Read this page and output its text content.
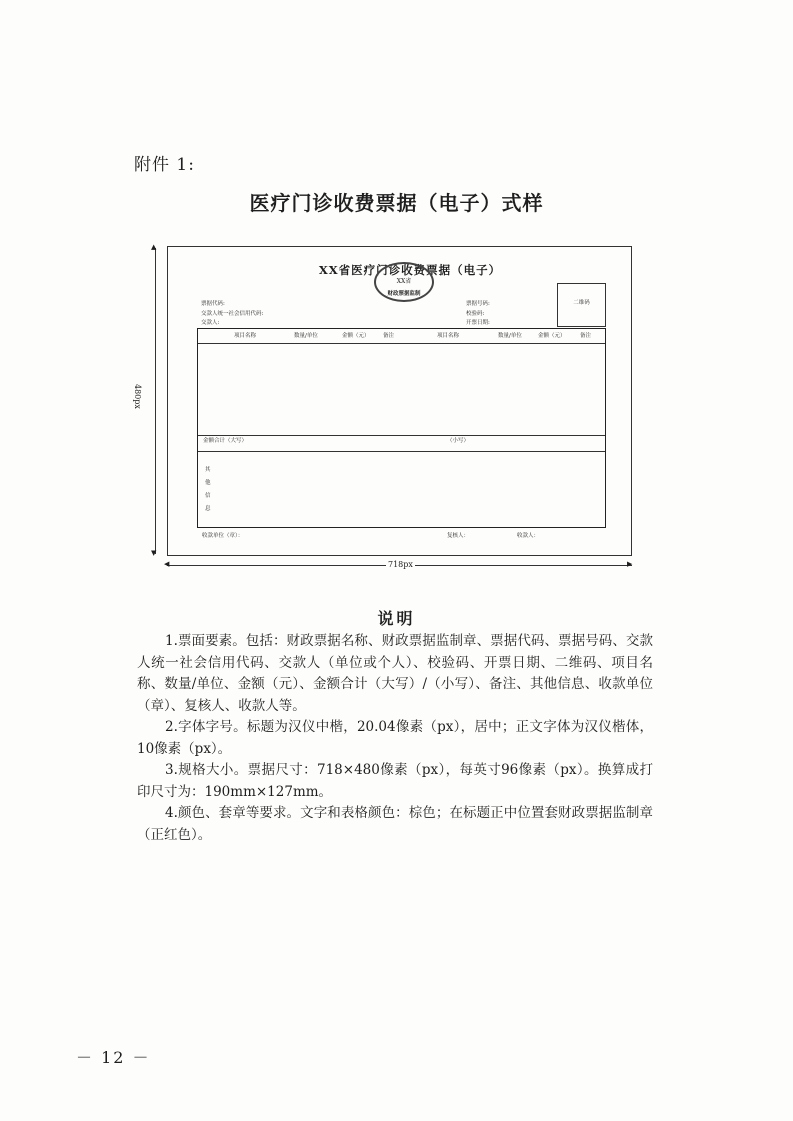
附件 1:
医疗门诊收费票据（电子）式样
XX省医疗门诊收费票据（电子）
XX省
财政票据监制
二维码
票据代码:
交款人统一社会信用代码:
交款人:
票据号码:
校验码:
开票日期:
项目名称	数量/单位	金额（元） 备注	项目名称	数量/单位	金额（元）	备注
金额合计（大写）	（小写）
其
他
信
息
收款单位（章）：	复核人：	收款人：
▲
▼
480px
◀	▶
718px
说明
1.票面要素。包括：财政票据名称、财政票据监制章、票据代码、票据号码、交款人统一社会信用代码、交款人（单位或个人）、校验码、开票日期、二维码、项目名称、数量/单位、金额（元）、金额合计（大写）/（小写）、备注、其他信息、收款单位（章）、复核人、收款人等。
2.字体字号。标题为汉仪中楷，20.04像素（px），居中；正文字体为汉仪楷体，10像素（px）。
3.规格大小。票据尺寸：718×480像素（px），每英寸96像素（px）。换算成打印尺寸为：190mm×127mm。
4.颜色、套章等要求。文字和表格颜色：棕色；在标题正中位置套财政票据监制章（正红色）。
－ 12 －
